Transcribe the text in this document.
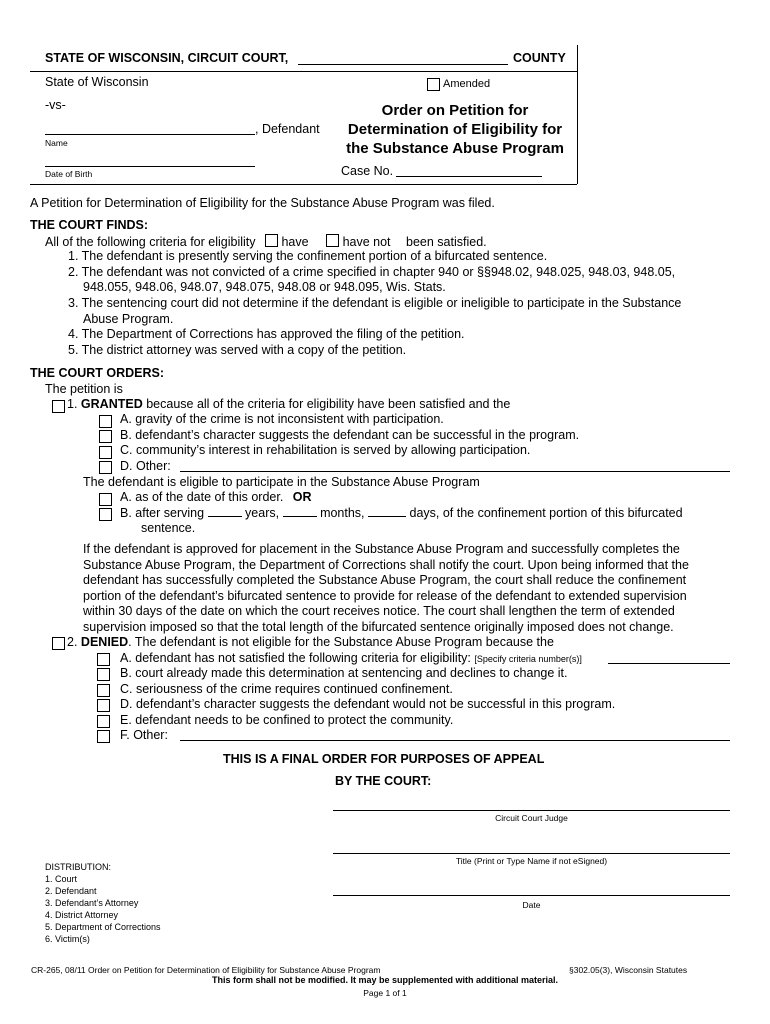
STATE OF WISCONSIN, CIRCUIT COURT,	COUNTY
State of Wisconsin	Amended
-vs-
, Defendant
Name
Date of Birth
Order on Petition for
Determination of Eligibility for
the Substance Abuse Program
Case No.
A Petition for Determination of Eligibility for the Substance Abuse Program was filed.
THE COURT FINDS:
All of the following criteria for eligibility have	have not been satisfied.
1. The defendant is presently serving the confinement portion of a bifurcated sentence.
2. The defendant was not convicted of a crime specified in chapter 940 or §§948.02, 948.025, 948.03, 948.05,
948.055, 948.06, 948.07, 948.075, 948.08 or 948.095, Wis. Stats.
3. The sentencing court did not determine if the defendant is eligible or ineligible to participate in the Substance
Abuse Program.
4. The Department of Corrections has approved the filing of the petition.
5. The district attorney was served with a copy of the petition.
THE COURT ORDERS:
The petition is
1. GRANTED because all of the criteria for eligibility have been satisfied and the
A. gravity of the crime is not inconsistent with participation.
B. defendant’s character suggests the defendant can be successful in the program.
C. community’s interest in rehabilitation is served by allowing participation.
D. Other:
The defendant is eligible to participate in the Substance Abuse Program
A. as of the date of this order. OR
B. after serving	years,	months,	days, of the confinement portion of this bifurcated
sentence.
If the defendant is approved for placement in the Substance Abuse Program and successfully completes the
Substance Abuse Program, the Department of Corrections shall notify the court. Upon being informed that the
defendant has successfully completed the Substance Abuse Program, the court shall reduce the confinement
portion of the defendant’s bifurcated sentence to provide for release of the defendant to extended supervision
within 30 days of the date on which the court receives notice. The court shall lengthen the term of extended
supervision imposed so that the total length of the bifurcated sentence originally imposed does not change.
2. DENIED. The defendant is not eligible for the Substance Abuse Program because the
A. defendant has not satisfied the following criteria for eligibility: [Specify criteria number(s)]
B. court already made this determination at sentencing and declines to change it.
C. seriousness of the crime requires continued confinement.
D. defendant’s character suggests the defendant would not be successful in this program.
E. defendant needs to be confined to protect the community.
F. Other:
THIS IS A FINAL ORDER FOR PURPOSES OF APPEAL
BY THE COURT:
Circuit Court Judge
Title (Print or Type Name if not eSigned)
Date
DISTRIBUTION:
1. Court
2. Defendant
3. Defendant’s Attorney
4. District Attorney
5. Department of Corrections
6. Victim(s)
CR-265, 08/11 Order on Petition for Determination of Eligibility for Substance Abuse Program	§302.05(3), Wisconsin Statutes
This form shall not be modified. It may be supplemented with additional material.
Page 1 of 1
